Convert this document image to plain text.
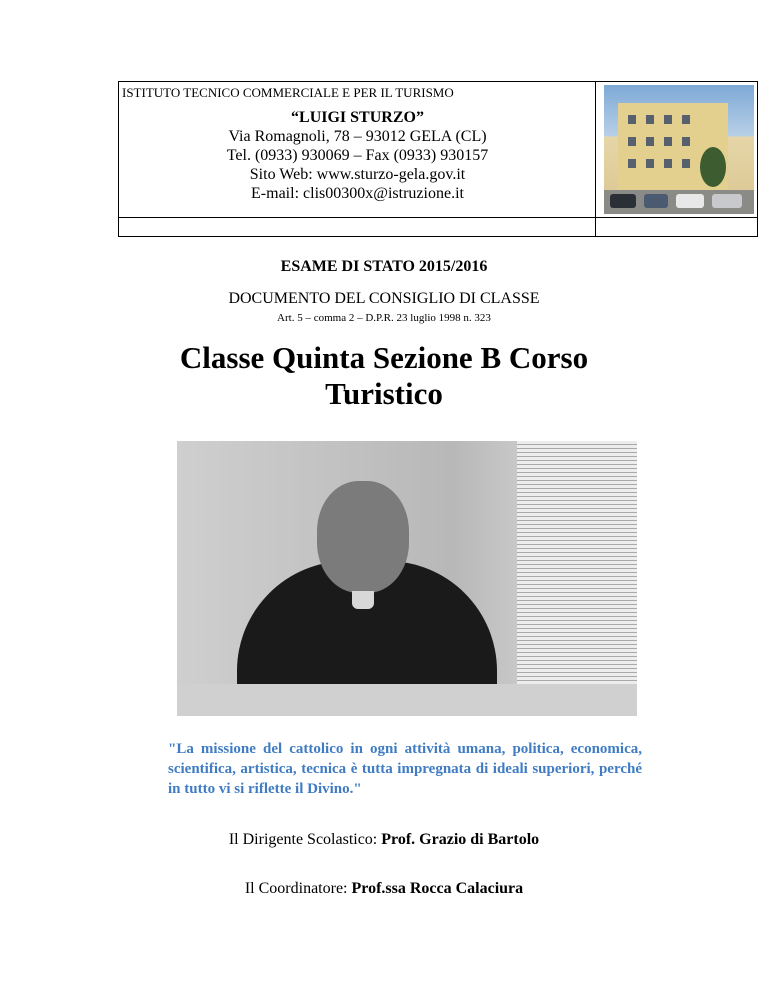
ISTITUTO TECNICO COMMERCIALE E PER IL TURISMO
“LUIGI STURZO”
Via Romagnoli, 78 – 93012 GELA (CL)
Tel. (0933) 930069 – Fax (0933) 930157
Sito Web: www.sturzo-gela.gov.it
E-mail: clis00300x@istruzione.it
ESAME DI STATO 2015/2016
DOCUMENTO DEL CONSIGLIO DI CLASSE
Art. 5 – comma 2 – D.P.R. 23 luglio 1998 n. 323
Classe Quinta Sezione B Corso Turistico
"La missione del cattolico in ogni attività umana, politica, economica, scientifica, artistica, tecnica è tutta impregnata di ideali superiori, perché in tutto vi si riflette il Divino."
Il Dirigente Scolastico: Prof. Grazio di Bartolo
Il Coordinatore: Prof.ssa Rocca Calaciura
